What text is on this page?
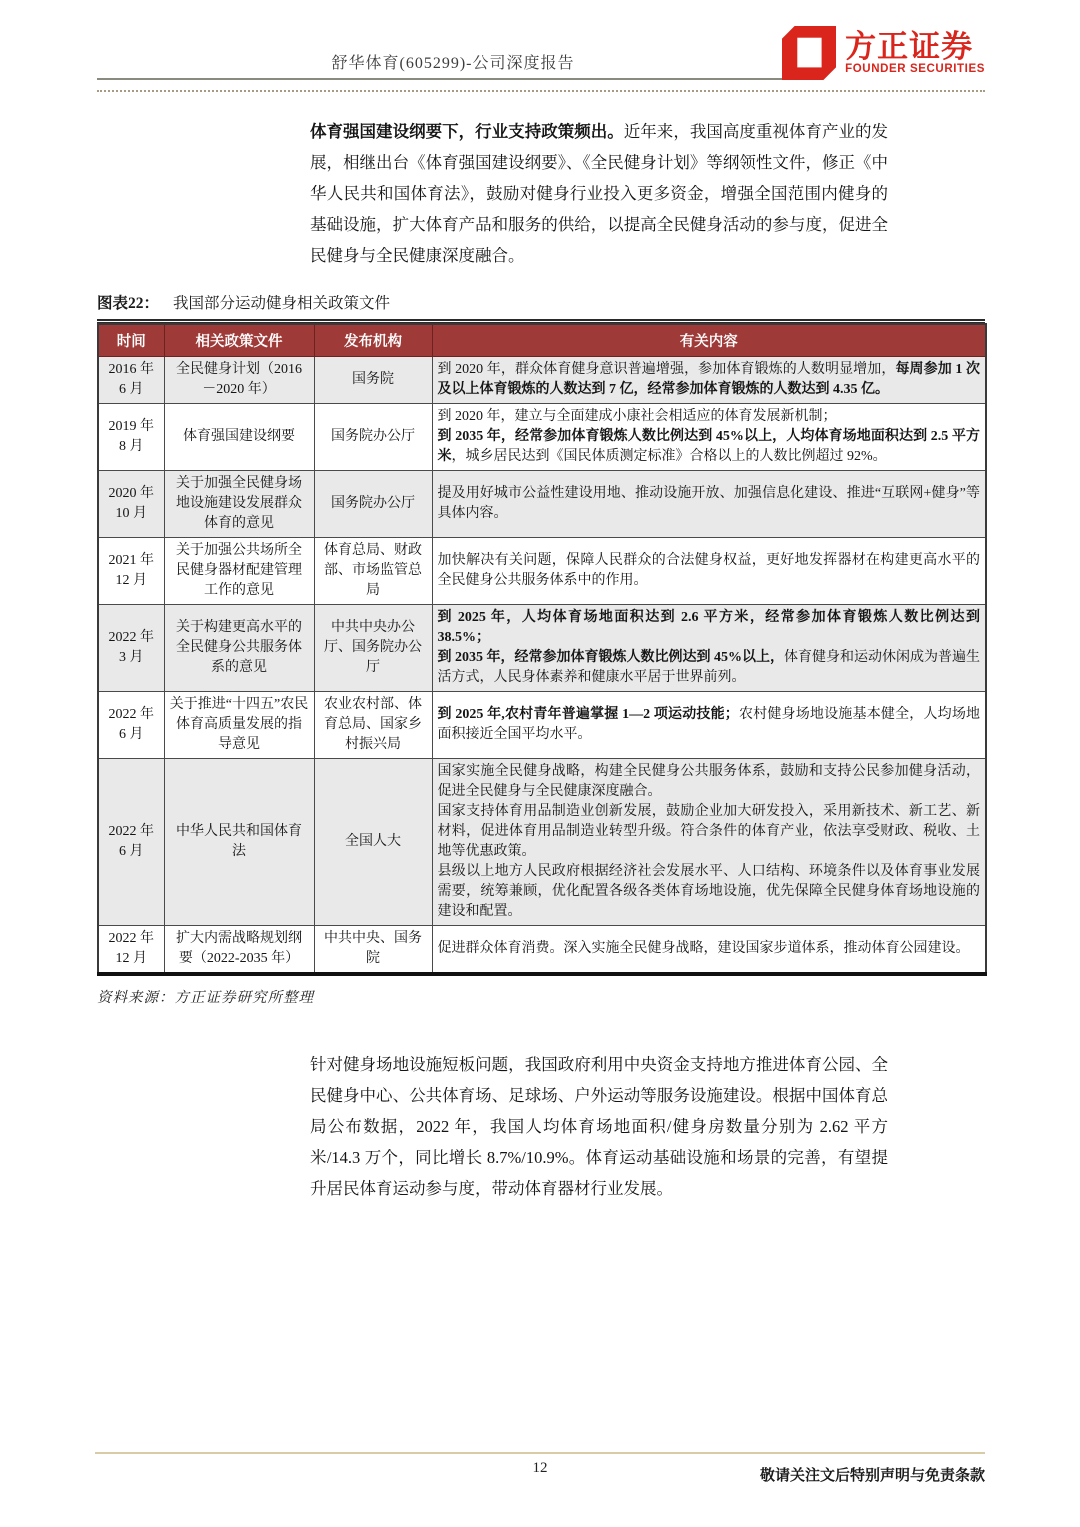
舒华体育(605299)-公司深度报告	方正证券
FOUNDER SECURITIES

体育强国建设纲要下，行业支持政策频出。近年来，我国高度重视体育产业的发展，相继出台《体育强国建设纲要》、《全民健身计划》等纲领性文件，修正《中华人民共和国体育法》，鼓励对健身行业投入更多资金，增强全国范围内健身的基础设施，扩大体育产品和服务的供给，以提高全民健身活动的参与度，促进全民健身与全民健康深度融合。

图表22： 我国部分运动健身相关政策文件
时间	相关政策文件	发布机构	有关内容
2016 年 6 月	全民健身计划（2016－2020 年）	国务院	到 2020 年，群众体育健身意识普遍增强，参加体育锻炼的人数明显增加，每周参加 1 次及以上体育锻炼的人数达到 7 亿，经常参加体育锻炼的人数达到 4.35 亿。

2019 年 8 月	体育强国建设纲要	国务院办公厅	到 2020 年，建立与全面建成小康社会相适应的体育发展新机制；
到 2035 年，经常参加体育锻炼人数比例达到 45%以上，人均体育场地面积达到 2.5 平方米，城乡居民达到《国民体质测定标准》合格以上的人数比例超过 92%。

2020 年 10 月	关于加强全民健身场地设施建设发展群众体育的意见	国务院办公厅	提及用好城市公益性建设用地、推动设施开放、加强信息化建设、推进“互联网+健身”等具体内容。

2021 年 12 月	关于加强公共场所全民健身器材配建管理工作的意见	体育总局、财政部、市场监管总局	加快解决有关问题，保障人民群众的合法健身权益，更好地发挥器材在构建更高水平的全民健身公共服务体系中的作用。

2022 年 3 月	关于构建更高水平的全民健身公共服务体系的意见	中共中央办公厅、国务院办公厅	到 2025 年，人均体育场地面积达到 2.6 平方米，经常参加体育锻炼人数比例达到 38.5%；
到 2035 年，经常参加体育锻炼人数比例达到 45%以上，体育健身和运动休闲成为普遍生活方式，人民身体素养和健康水平居于世界前列。

2022 年 6 月	关于推进“十四五”农民体育高质量发展的指导意见	农业农村部、体育总局、国家乡村振兴局	到 2025 年,农村青年普遍掌握 1—2 项运动技能；农村健身场地设施基本健全，人均场地面积接近全国平均水平。

2022 年 6 月	中华人民共和国体育法	全国人大	国家实施全民健身战略，构建全民健身公共服务体系，鼓励和支持公民参加健身活动，促进全民健身与全民健康深度融合。
国家支持体育用品制造业创新发展，鼓励企业加大研发投入，采用新技术、新工艺、新材料，促进体育用品制造业转型升级。符合条件的体育产业，依法享受财政、税收、土地等优惠政策。
县级以上地方人民政府根据经济社会发展水平、人口结构、环境条件以及体育事业发展需要，统筹兼顾，优化配置各级各类体育场地设施，优先保障全民健身体育场地设施的建设和配置。

2022 年 12 月	扩大内需战略规划纲要（2022-2035 年）	中共中央、国务院	促进群众体育消费。深入实施全民健身战略，建设国家步道体系，推动体育公园建设。
资料来源：方正证券研究所整理

针对健身场地设施短板问题，我国政府利用中央资金支持地方推进体育公园、全民健身中心、公共体育场、足球场、户外运动等服务设施建设。根据中国体育总局公布数据，2022 年，我国人均体育场地面积/健身房数量分别为 2.62 平方米/14.3 万个，同比增长 8.7%/10.9%。体育运动基础设施和场景的完善，有望提升居民体育运动参与度，带动体育器材行业发展。

12	敬请关注文后特别声明与免责条款
